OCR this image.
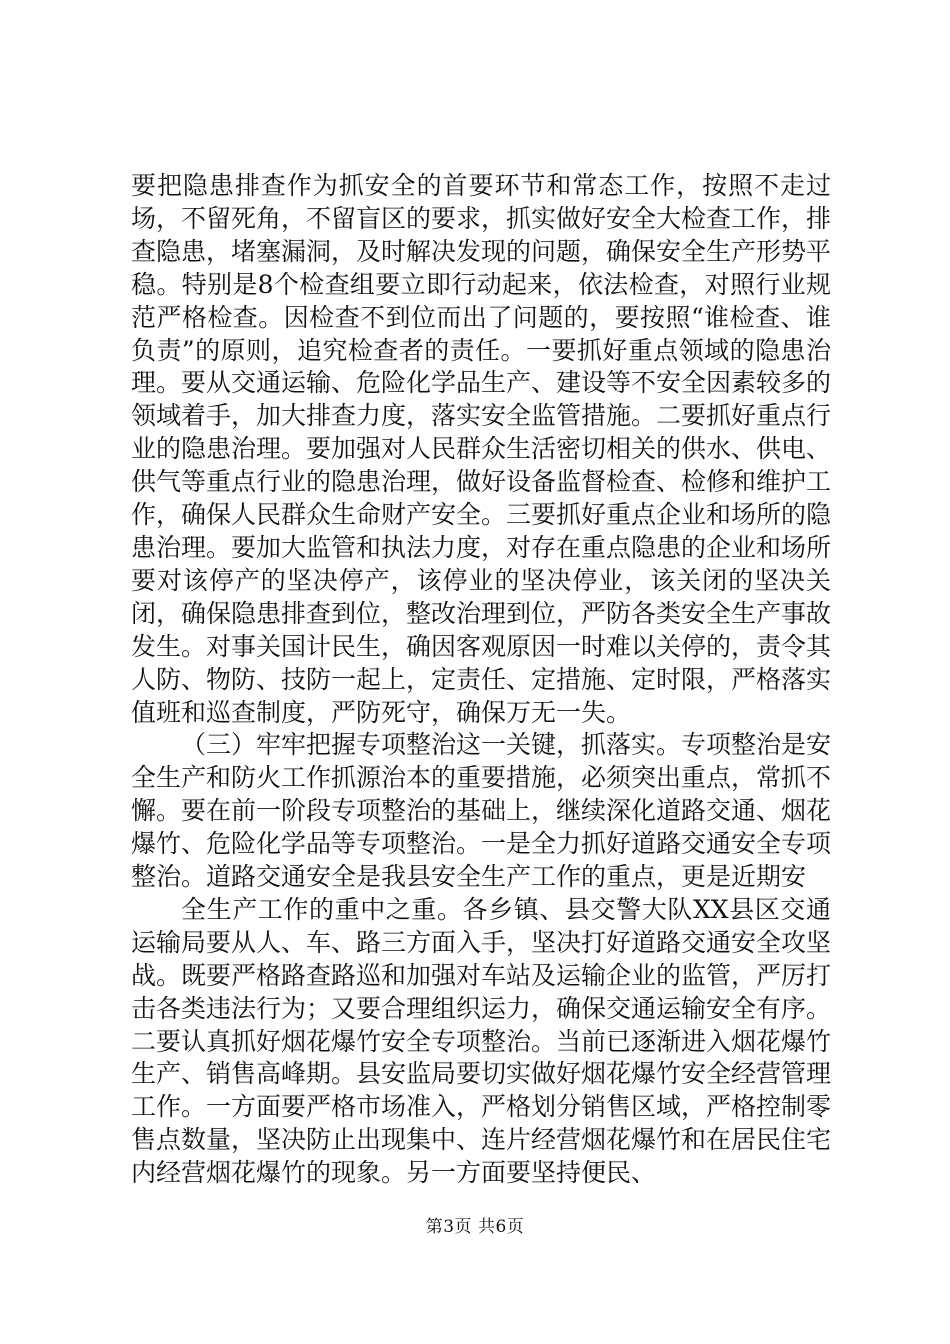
要把隐患排查作为抓安全的首要环节和常态工作，按照不走过场，不留死角，不留盲区的要求，抓实做好安全大检查工作，排查隐患，堵塞漏洞，及时解决发现的问题，确保安全生产形势平稳。特别是8个检查组要立即行动起来，依法检查，对照行业规范严格检查。因检查不到位而出了问题的，要按照“谁检查、谁负责”的原则，追究检查者的责任。一要抓好重点领域的隐患治理。要从交通运输、危险化学品生产、建设等不安全因素较多的领域着手，加大排查力度，落实安全监管措施。二要抓好重点行业的隐患治理。要加强对人民群众生活密切相关的供水、供电、供气等重点行业的隐患治理，做好设备监督检查、检修和维护工作，确保人民群众生命财产安全。三要抓好重点企业和场所的隐患治理。要加大监管和执法力度，对存在重点隐患的企业和场所要对该停产的坚决停产，该停业的坚决停业，该关闭的坚决关闭，确保隐患排查到位，整改治理到位，严防各类安全生产事故发生。对事关国计民生，确因客观原因一时难以关停的，责令其人防、物防、技防一起上，定责任、定措施、定时限，严格落实值班和巡查制度，严防死守，确保万无一失。

（三）牢牢把握专项整治这一关键，抓落实。专项整治是安全生产和防火工作抓源治本的重要措施，必须突出重点，常抓不懈。要在前一阶段专项整治的基础上，继续深化道路交通、烟花爆竹、危险化学品等专项整治。一是全力抓好道路交通安全专项整治。道路交通安全是我县安全生产工作的重点，更是近期安

全生产工作的重中之重。各乡镇、县交警大队XX县区交通运输局要从人、车、路三方面入手，坚决打好道路交通安全攻坚战。既要严格路查路巡和加强对车站及运输企业的监管，严厉打击各类违法行为；又要合理组织运力，确保交通运输安全有序。二要认真抓好烟花爆竹安全专项整治。当前已逐渐进入烟花爆竹生产、销售高峰期。县安监局要切实做好烟花爆竹安全经营管理工作。一方面要严格市场准入，严格划分销售区域，严格控制零售点数量，坚决防止出现集中、连片经营烟花爆竹和在居民住宅内经营烟花爆竹的现象。另一方面要坚持便民、

第3页 共6页
